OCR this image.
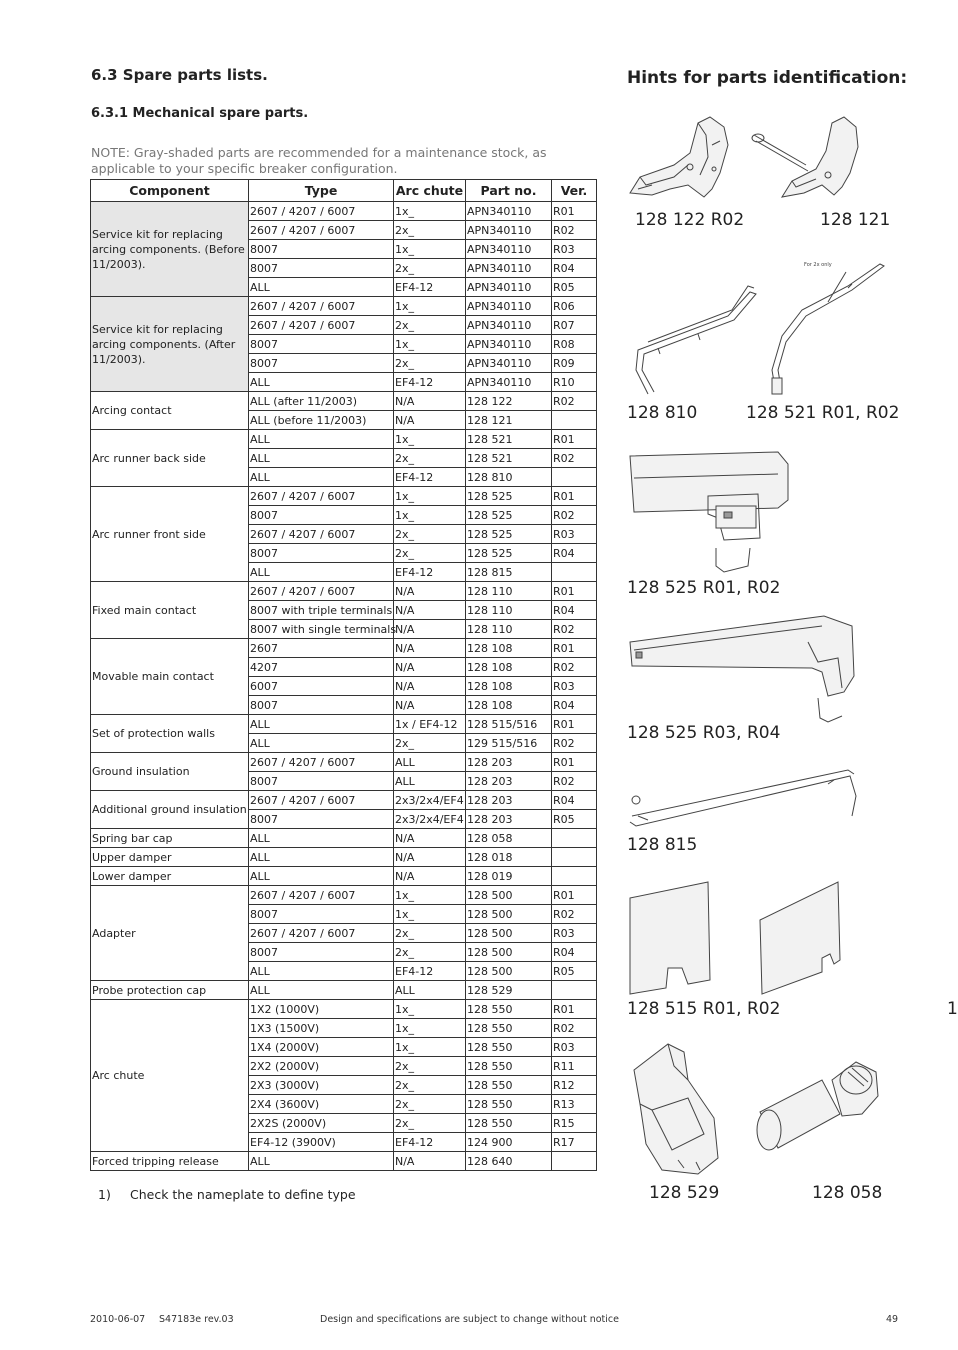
6.3 Spare parts lists.
6.3.1 Mechanical spare parts.
NOTE: Gray-shaded parts are recommended for a maintenance stock, as applicable to your specific breaker configuration.
Hints for parts identification:
Component	Type	Arc chute	Part no.	Ver.
Service kit for replacing arcing components. (Before 11/2003).	2607 / 4207 / 6007	1x_	APN340110	R01
	2607 / 4207 / 6007	2x_	APN340110	R02
	8007	1x_	APN340110	R03
	8007	2x_	APN340110	R04
	ALL	EF4-12	APN340110	R05
Service kit for replacing arcing components. (After 11/2003).	2607 / 4207 / 6007	1x_	APN340110	R06
	2607 / 4207 / 6007	2x_	APN340110	R07
	8007	1x_	APN340110	R08
	8007	2x_	APN340110	R09
	ALL	EF4-12	APN340110	R10
Arcing contact	ALL (after 11/2003)	N/A	128 122	R02
	ALL (before 11/2003)	N/A	128 121	
Arc runner back side	ALL	1x_	128 521	R01
	ALL	2x_	128 521	R02
	ALL	EF4-12	128 810	
Arc runner front side	2607 / 4207 / 6007	1x_	128 525	R01
	8007	1x_	128 525	R02
	2607 / 4207 / 6007	2x_	128 525	R03
	8007	2x_	128 525	R04
	ALL	EF4-12	128 815	
Fixed main contact	2607 / 4207 / 6007	N/A	128 110	R01
	8007 with triple terminals	N/A	128 110	R04
	8007 with single terminals	N/A	128 110	R02
Movable main contact	2607	N/A	128 108	R01
	4207	N/A	128 108	R02
	6007	N/A	128 108	R03
	8007	N/A	128 108	R04
Set of protection walls	ALL	1x / EF4-12	128 515/516	R01
	ALL	2x_	129 515/516	R02
Ground insulation	2607 / 4207 / 6007	ALL	128 203	R01
	8007	ALL	128 203	R02
Additional ground insulation	2607 / 4207 / 6007	2x3/2x4/EF4	128 203	R04
	8007	2x3/2x4/EF4	128 203	R05
Spring bar cap	ALL	N/A	128 058	
Upper damper	ALL	N/A	128 018	
Lower damper	ALL	N/A	128 019	
Adapter	2607 / 4207 / 6007	1x_	128 500	R01
	8007	1x_	128 500	R02
	2607 / 4207 / 6007	2x_	128 500	R03
	8007	2x_	128 500	R04
	ALL	EF4-12	128 500	R05
Probe protection cap	ALL	ALL	128 529	
Arc chute	1X2 (1000V)	1x_	128 550	R01
	1X3 (1500V)	1x_	128 550	R02
	1X4 (2000V)	1x_	128 550	R03
	2X2 (2000V)	2x_	128 550	R11
	2X3 (3000V)	2x_	128 550	R12
	2X4 (3600V)	2x_	128 550	R13
	2X2S (2000V)	2x_	128 550	R15
	EF4-12 (3900V)	EF4-12	124 900	R17
Forced tripping release	ALL	N/A	128 640	
1) Check the nameplate to define type
For 2x only
128 122 R02	128 121
128 810	128 521 R01, R02
128 525 R01, R02
128 525 R03, R04
128 815
128 515 R01, R02	1
128 529	128 058
2010-06-07 S47183e rev.03	Design and specifications are subject to change without notice	49
